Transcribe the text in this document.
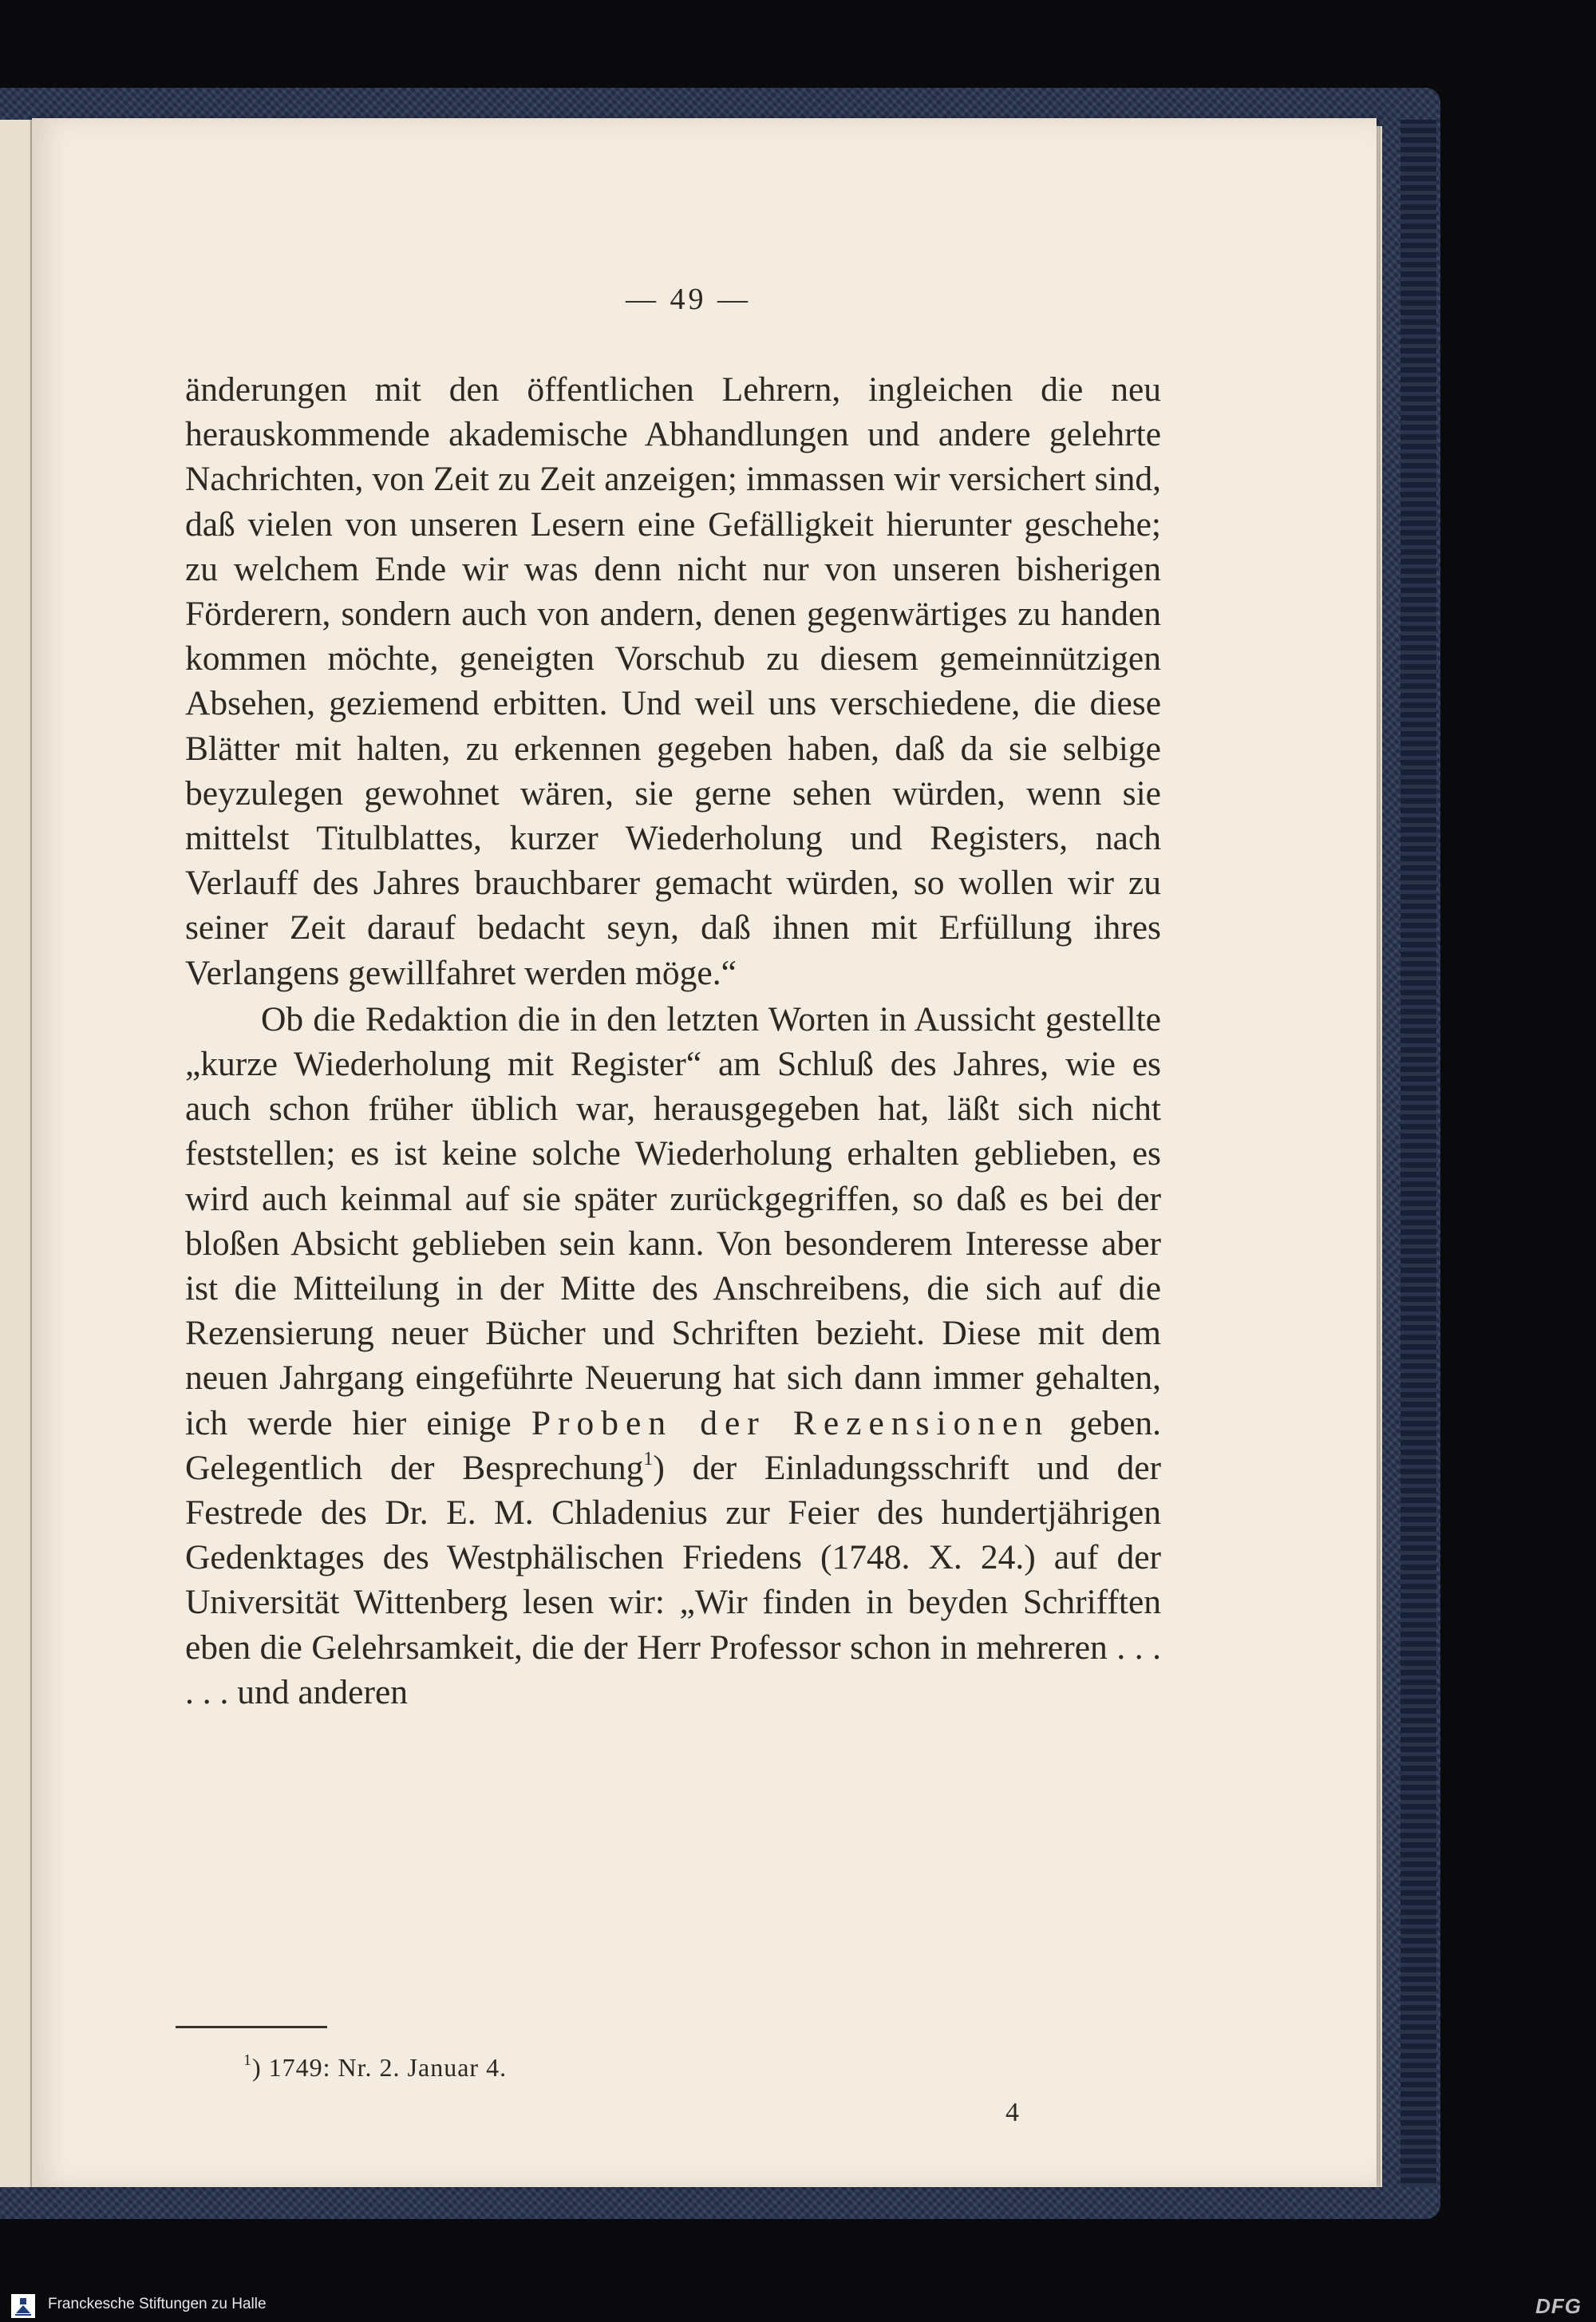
— 49 —

änderungen mit den öffentlichen Lehrern, ingleichen die neu herauskommende akademische Abhandlungen und andere gelehrte Nachrichten, von Zeit zu Zeit anzeigen; immassen wir versichert sind, daß vielen von unseren Lesern eine Gefälligkeit hierunter geschehe; zu welchem Ende wir was denn nicht nur von unseren bisherigen Förderern, sondern auch von andern, denen gegenwärtiges zu handen kommen möchte, geneigten Vorschub zu diesem gemeinnützigen Absehen, geziemend erbitten. Und weil uns verschiedene, die diese Blätter mit halten, zu erkennen gegeben haben, daß da sie selbige beyzulegen gewohnet wären, sie gerne sehen würden, wenn sie mittelst Titulblattes, kurzer Wiederholung und Registers, nach Verlauff des Jahres brauchbarer gemacht würden, so wollen wir zu seiner Zeit darauf bedacht seyn, daß ihnen mit Erfüllung ihres Verlangens gewillfahret werden möge.“

Ob die Redaktion die in den letzten Worten in Aussicht gestellte „kurze Wiederholung mit Register“ am Schluß des Jahres, wie es auch schon früher üblich war, herausgegeben hat, läßt sich nicht feststellen; es ist keine solche Wiederholung erhalten geblieben, es wird auch keinmal auf sie später zurückgegriffen, so daß es bei der bloßen Absicht geblieben sein kann. Von besonderem Interesse aber ist die Mitteilung in der Mitte des Anschreibens, die sich auf die Rezensierung neuer Bücher und Schriften bezieht. Diese mit dem neuen Jahrgang eingeführte Neuerung hat sich dann immer gehalten, ich werde hier einige Proben der Rezensionen geben. Gelegentlich der Besprechung$^1$) der Einladungsschrift und der Festrede des Dr. E. M. Chladenius zur Feier des hundertjährigen Gedenktages des Westphälischen Friedens (1748. X. 24.) auf der Universität Wittenberg lesen wir: „Wir finden in beyden Schrifften eben die Gelehrsamkeit, die der Herr Professor schon in mehreren . . . . . . und anderen

$^1$) 1749: Nr. 2. Januar 4.
4
Franckesche Stiftungen zu Halle	DFG
